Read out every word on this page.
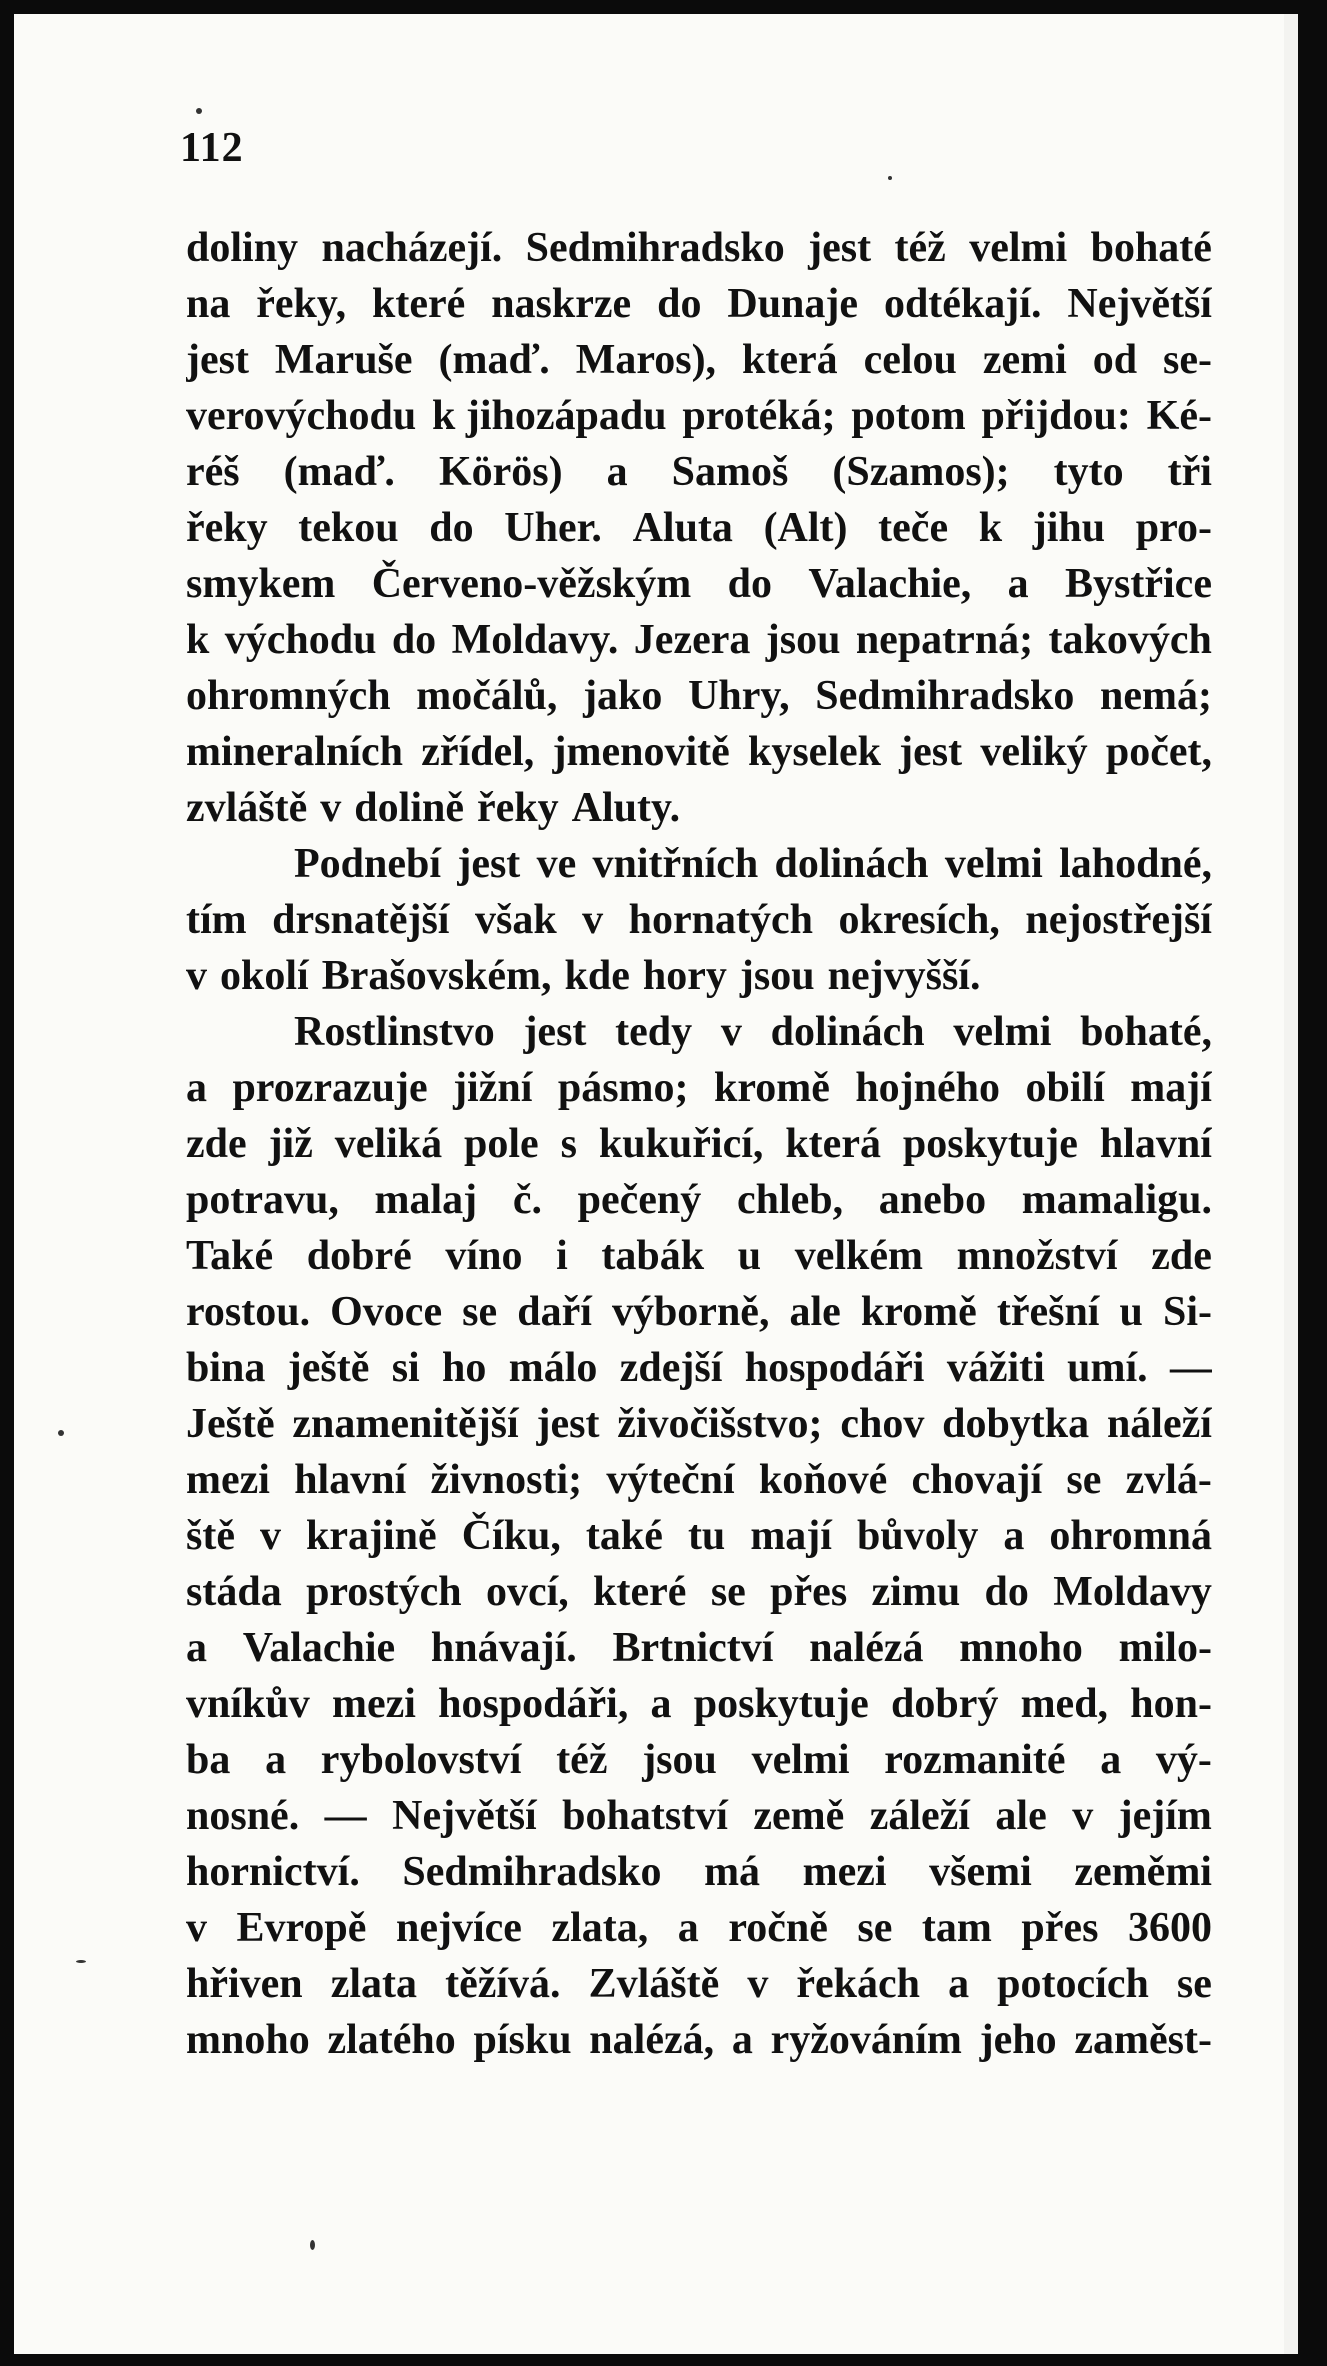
112
doliny nacházejí. Sedmihradsko jest též velmi bohaté
na řeky, které naskrze do Dunaje odtékají. Největší
jest Maruše (maď. Maros), která celou zemi od se-
verovýchodu k jihozápadu protéká; potom přijdou: Ké-
réš (maď. Körös) a Samoš (Szamos); tyto tři
řeky tekou do Uher. Aluta (Alt) teče k jihu pro-
smykem Červeno-věžským do Valachie, a Bystřice
k východu do Moldavy. Jezera jsou nepatrná; takových
ohromných močálů, jako Uhry, Sedmihradsko nemá;
mineralních zřídel, jmenovitě kyselek jest veliký počet,
zvláště v dolině řeky Aluty.
Podnebí jest ve vnitřních dolinách velmi lahodné,
tím drsnatější však v hornatých okresích, nejostřejší
v okolí Brašovském, kde hory jsou nejvyšší.
Rostlinstvo jest tedy v dolinách velmi bohaté,
a prozrazuje jižní pásmo; kromě hojného obilí mají
zde již veliká pole s kukuřicí, která poskytuje hlavní
potravu, malaj č. pečený chleb, anebo mamaligu.
Také dobré víno i tabák u velkém množství zde
rostou. Ovoce se daří výborně, ale kromě třešní u Si-
bina ještě si ho málo zdejší hospodáři vážiti umí. —
Ještě znamenitější jest živočišstvo; chov dobytka náleží
mezi hlavní živnosti; výteční koňové chovají se zvlá-
ště v krajině Číku, také tu mají bůvoly a ohromná
stáda prostých ovcí, které se přes zimu do Moldavy
a Valachie hnávají. Brtnictví nalézá mnoho milo-
vníkův mezi hospodáři, a poskytuje dobrý med, hon-
ba a rybolovství též jsou velmi rozmanité a vý-
nosné. — Největší bohatství země záleží ale v jejím
hornictví. Sedmihradsko má mezi všemi zeměmi
v Evropě nejvíce zlata, a ročně se tam přes 3600
hřiven zlata těžívá. Zvláště v řekách a potocích se
mnoho zlatého písku nalézá, a ryžováním jeho zaměst-
